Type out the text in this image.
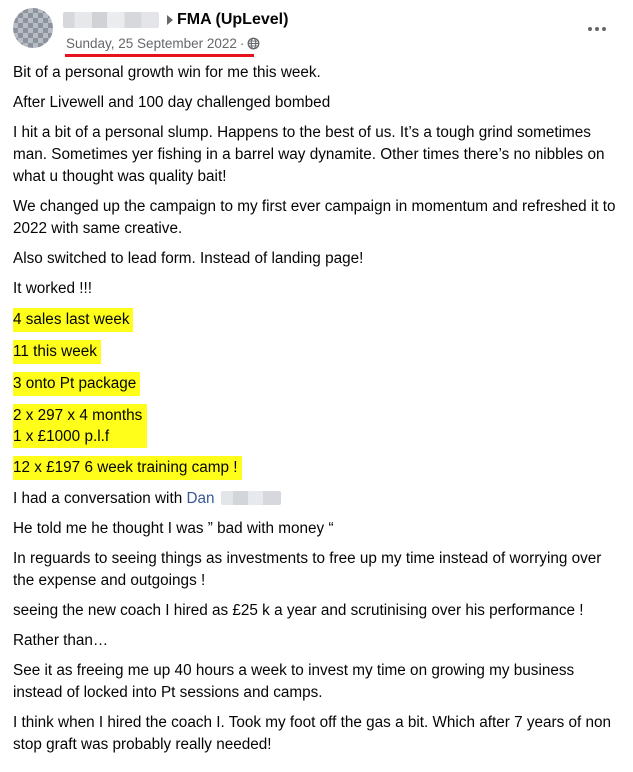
FMA (UpLevel)
Sunday, 25 September 2022 ·

Bit of a personal growth win for me this week.

After Livewell and 100 day challenged bombed

I hit a bit of a personal slump. Happens to the best of us. It’s a tough grind sometimes man. Sometimes yer fishing in a barrel way dynamite. Other times there’s no nibbles on what u thought was quality bait!

We changed up the campaign to my first ever campaign in momentum and refreshed it to 2022 with same creative.

Also switched to lead form. Instead of landing page!

It worked !!!

4 sales last week

11 this week

3 onto Pt package

2 x 297 x 4 months
1 x £1000 p.l.f

12 x £197 6 week training camp !

I had a conversation with Dan

He told me he thought I was ” bad with money “

In reguards to seeing things as investments to free up my time instead of worrying over the expense and outgoings !

seeing the new coach I hired as £25 k a year and scrutinising over his performance !

Rather than…

See it as freeing me up 40 hours a week to invest my time on growing my business instead of locked into Pt sessions and camps.

I think when I hired the coach I. Took my foot off the gas a bit. Which after 7 years of non stop graft was probably really needed!
